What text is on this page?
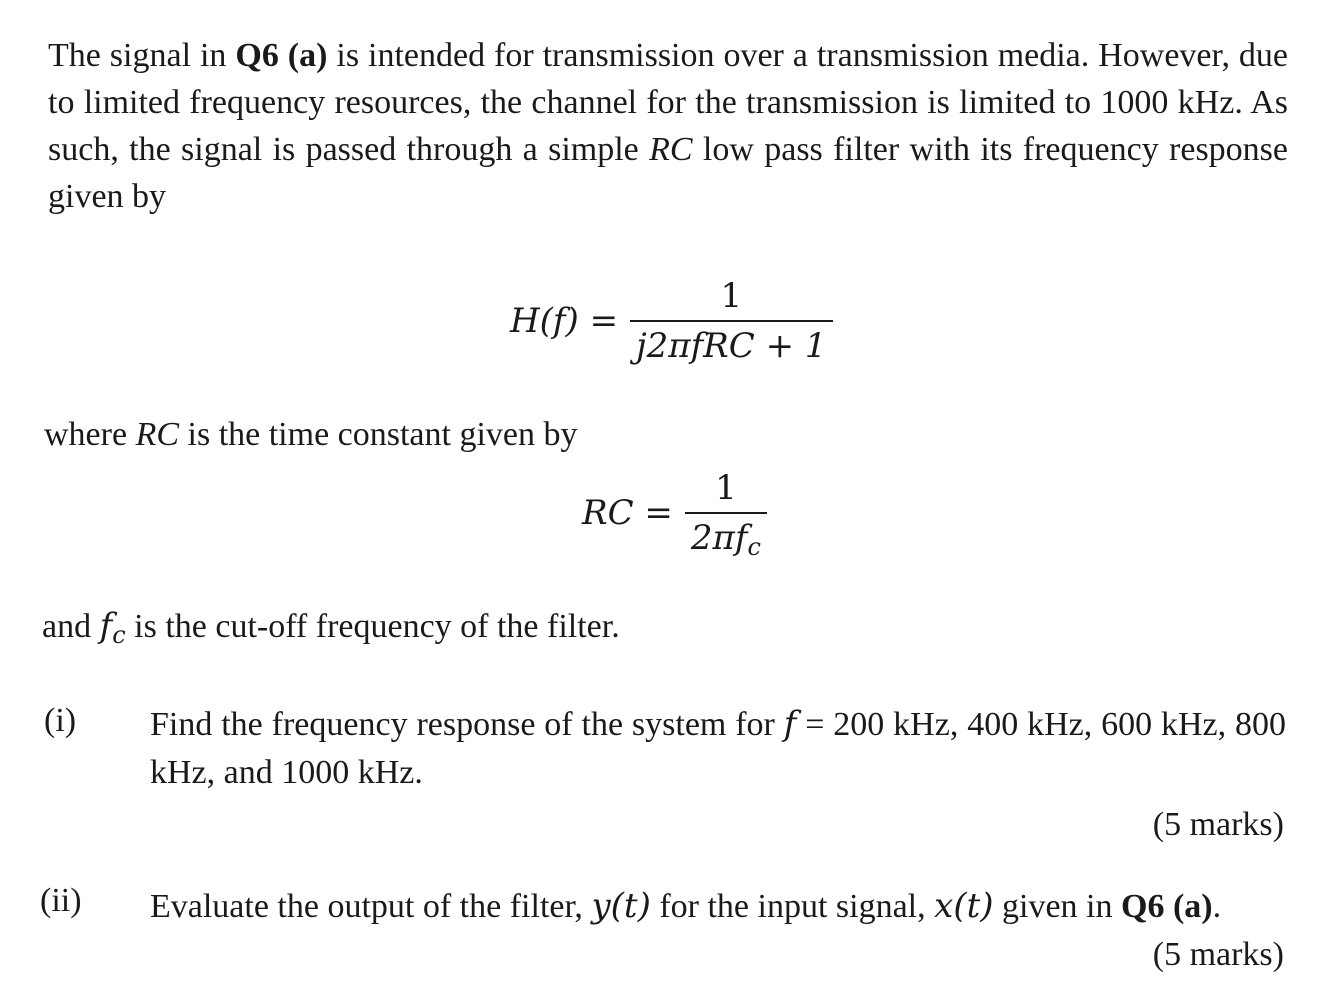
The signal in Q6 (a) is intended for transmission over a transmission media. However, due to limited frequency resources, the channel for the transmission is limited to 1000 kHz. As such, the signal is passed through a simple RC low pass filter with its frequency response given by
$H(f) = \frac{1}{\text{j2πfRC + 1}}$
where RC is the time constant given by
RC = $\frac{1}{2\pi f_c}$
and $f_c$ is the cut-off frequency of the filter.
(i) Find the frequency response of the system for f = 200 kHz, 400 kHz, 600 kHz, 800 kHz, and 1000 kHz.
(5 marks)
(ii) Evaluate the output of the filter, y(t) for the input signal, x(t) given in Q6 (a).
(5 marks)
